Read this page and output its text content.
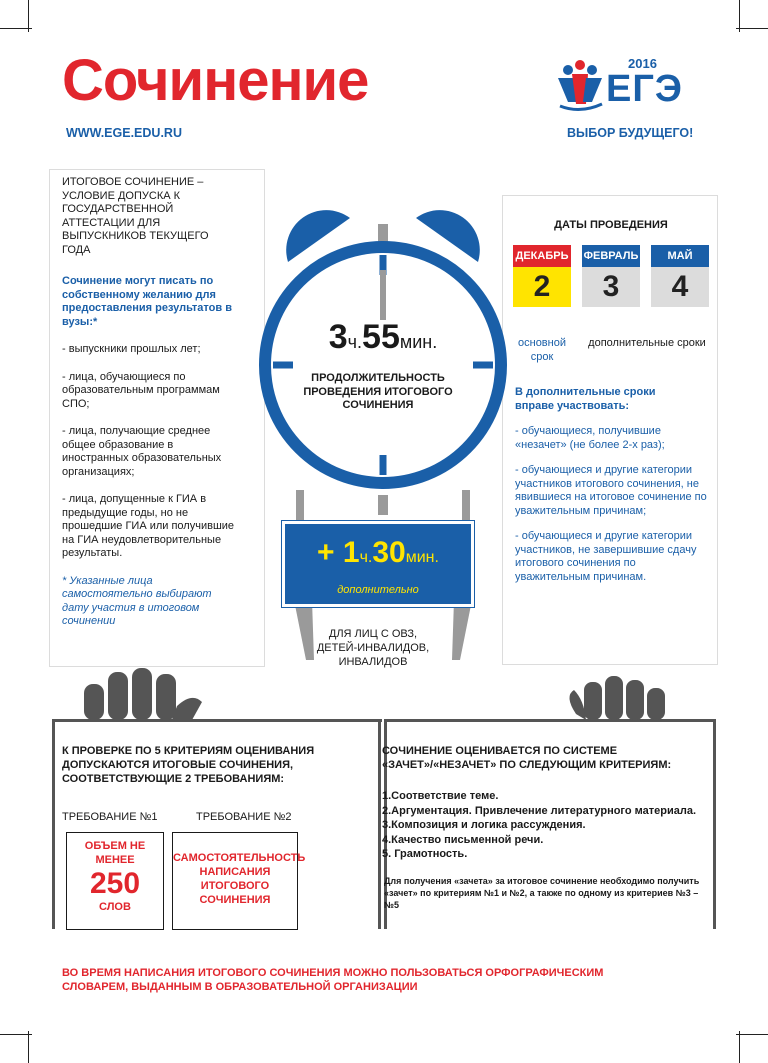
Сочинение
WWW.EGE.EDU.RU
2016
ЕГЭ
ВЫБОР БУДУЩЕГО!

ИТОГОВОЕ СОЧИНЕНИЕ – УСЛОВИЕ ДОПУСКА К ГОСУДАРСТВЕННОЙ АТТЕСТАЦИИ ДЛЯ ВЫПУСКНИКОВ ТЕКУЩЕГО ГОДА

Сочинение могут писать по собственному желанию для предоставления результатов в вузы:*

- выпускники прошлых лет;

- лица, обучающиеся по образовательным программам СПО;

- лица, получающие среднее общее образование в иностранных образовательных организациях;

- лица, допущенные к ГИА в предыдущие годы, но не прошедшие ГИА или получившие на ГИА неудовлетворительные результаты.

* Указанные лица самостоятельно выбирают дату участия в итоговом сочинении

3ч.55мин.
ПРОДОЛЖИТЕЛЬНОСТЬ ПРОВЕДЕНИЯ ИТОГОВОГО СОЧИНЕНИЯ
+ 1ч.30мин.
дополнительно
ДЛЯ ЛИЦ С ОВЗ, ДЕТЕЙ-ИНВАЛИДОВ, ИНВАЛИДОВ
ДАТЫ ПРОВЕДЕНИЯ
ДЕКАБРЬ
2
ФЕВРАЛЬ
3
МАЙ
4
основной срок
дополнительные сроки

В дополнительные сроки вправе участвовать:

- обучающиеся, получившие «незачет» (не более 2-х раз);

- обучающиеся и другие категории участников итогового сочинения, не явившиеся на итоговое сочинение по уважительным причинам;

- обучающиеся и другие категории участников, не завершившие сдачу итогового сочинения по уважительным причинам.

К ПРОВЕРКЕ ПО 5 КРИТЕРИЯМ ОЦЕНИВАНИЯ ДОПУСКАЮТСЯ ИТОГОВЫЕ СОЧИНЕНИЯ, СООТВЕТСТВУЮЩИЕ 2 ТРЕБОВАНИЯМ:
ТРЕБОВАНИЕ №1	ТРЕБОВАНИЕ №2
ОБЪЕМ НЕ МЕНЕЕ
250
СЛОВ
САМОСТОЯТЕЛЬНОСТЬ НАПИСАНИЯ ИТОГОВОГО СОЧИНЕНИЯ
СОЧИНЕНИЕ ОЦЕНИВАЕТСЯ ПО СИСТЕМЕ «ЗАЧЕТ»/«НЕЗАЧЕТ» ПО СЛЕДУЮЩИМ КРИТЕРИЯМ:
1.Соответствие теме.
2.Аргументация. Привлечение литературного материала.
3.Композиция и логика рассуждения.
4.Качество письменной речи.
5. Грамотность.
Для получения «зачета» за итоговое сочинение необходимо получить «зачет» по критериям №1 и №2, а также по одному из критериев №3 – №5
ВО ВРЕМЯ НАПИСАНИЯ ИТОГОВОГО СОЧИНЕНИЯ МОЖНО ПОЛЬЗОВАТЬСЯ ОРФОГРАФИЧЕСКИМ СЛОВАРЕМ, ВЫДАННЫМ В ОБРАЗОВАТЕЛЬНОЙ ОРГАНИЗАЦИИ
